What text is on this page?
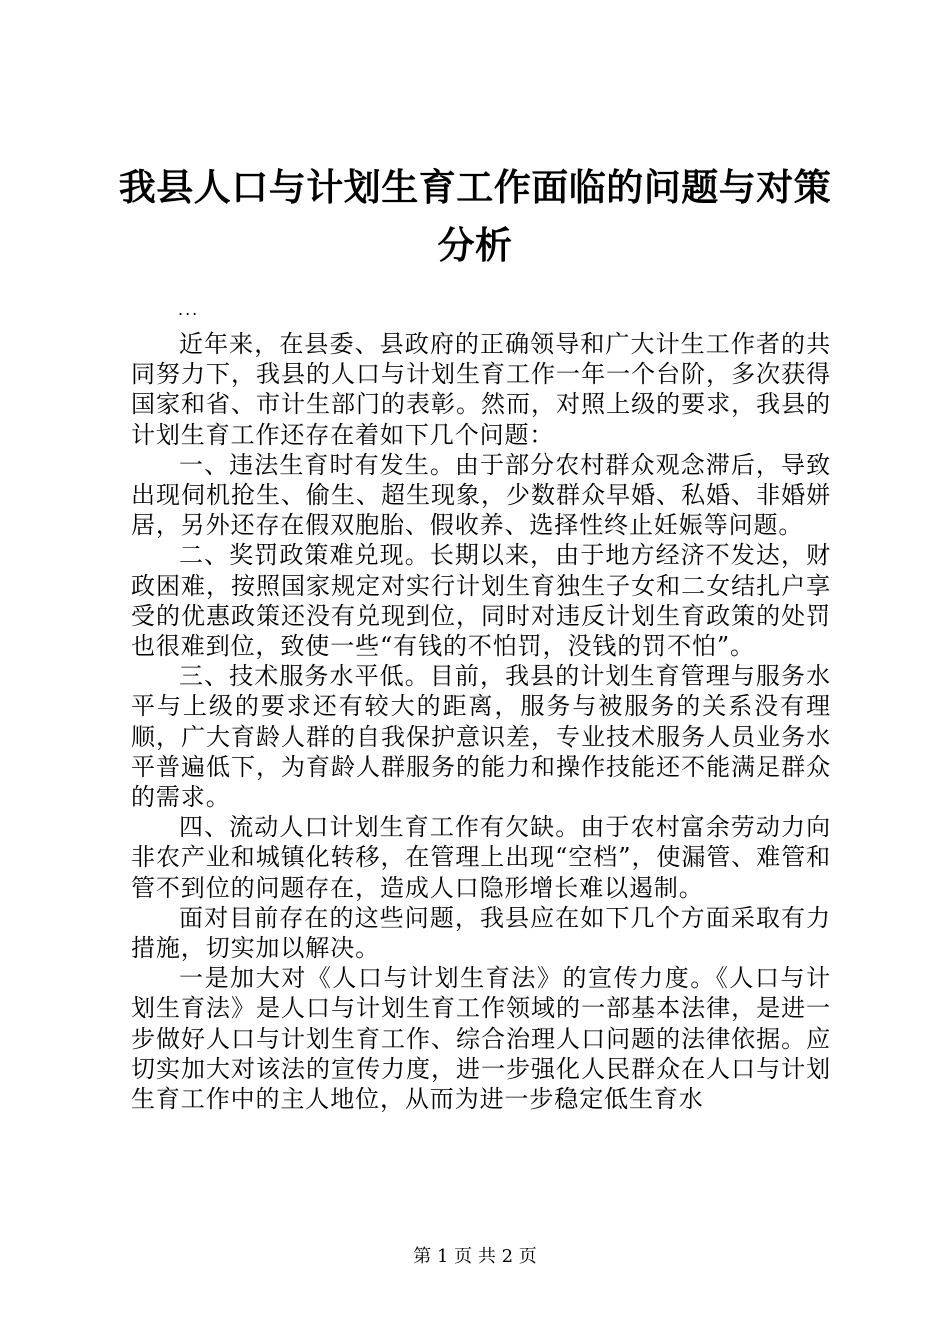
我县人口与计划生育工作面临的问题与对策分析
...

近年来，在县委、县政府的正确领导和广大计生工作者的共同努力下，我县的人口与计划生育工作一年一个台阶，多次获得国家和省、市计生部门的表彰。然而，对照上级的要求，我县的计划生育工作还存在着如下几个问题：

一、违法生育时有发生。由于部分农村群众观念滞后，导致出现伺机抢生、偷生、超生现象，少数群众早婚、私婚、非婚姘居，另外还存在假双胞胎、假收养、选择性终止妊娠等问题。

二、奖罚政策难兑现。长期以来，由于地方经济不发达，财政困难，按照国家规定对实行计划生育独生子女和二女结扎户享受的优惠政策还没有兑现到位，同时对违反计划生育政策的处罚也很难到位，致使一些“有钱的不怕罚，没钱的罚不怕”。

三、技术服务水平低。目前，我县的计划生育管理与服务水平与上级的要求还有较大的距离，服务与被服务的关系没有理顺，广大育龄人群的自我保护意识差，专业技术服务人员业务水平普遍低下，为育龄人群服务的能力和操作技能还不能满足群众的需求。

四、流动人口计划生育工作有欠缺。由于农村富余劳动力向非农产业和城镇化转移，在管理上出现“空档”，使漏管、难管和管不到位的问题存在，造成人口隐形增长难以遏制。

面对目前存在的这些问题，我县应在如下几个方面采取有力措施，切实加以解决。

一是加大对《人口与计划生育法》的宣传力度。《人口与计划生育法》是人口与计划生育工作领域的一部基本法律，是进一步做好人口与计划生育工作、综合治理人口问题的法律依据。应切实加大对该法的宣传力度，进一步强化人民群众在人口与计划生育工作中的主人地位，从而为进一步稳定低生育水

第 1 页 共 2 页
